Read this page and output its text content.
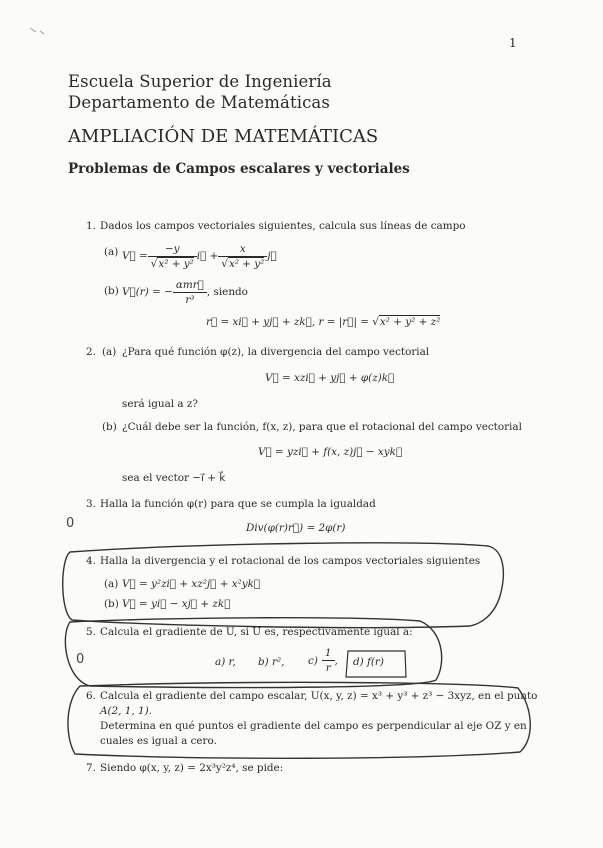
1
Escuela Superior de Ingeniería
Departamento de Matemáticas
AMPLIACIÓN DE MATEMÁTICAS
Problemas de Campos escalares y vectoriales
1. Dados los campos vectoriales siguientes, calcula sus líneas de campo
(a) V⃗ = $\frac{-y}{\text{√x² + y²}}$ i⃗ + $\frac{x}{\text{√x² + y²}}$ j⃗
(b) V⃗(r) = − $\frac{\text{αmr⃗}}{\text{r³}}$ , siendo
r⃗ = xi⃗ + yj⃗ + zk⃗, r = |r⃗| = √x² + y² + z²
2. (a) ¿Para qué función φ(z), la divergencia del campo vectorial
V⃗ = xzi⃗ + yj⃗ + φ(z)k⃗
será igual a z?
(b) ¿Cuál debe ser la función, f(x, z), para que el rotacional del campo vectorial
V⃗ = yzi⃗ + f(x, z)j⃗ − xyk⃗
sea el vector −i⃗ + k⃗
3. Halla la función φ(r) para que se cumpla la igualdad
0	Div(φ(r)r⃗) = 2φ(r)
4. Halla la divergencia y el rotacional de los campos vectoriales siguientes
(a) V⃗ = y²zi⃗ + xz²j⃗ + x²yk⃗
(b) V⃗ = yi⃗ − xj⃗ + zk⃗
5. Calcula el gradiente de U, si U es, respectivamente igual a:
0	a) r, b) r², $c) \frac{1}{r}$ , d) f(r)
6. Calcula el gradiente del campo escalar, U(x, y, z) = x³ + y³ + z³ − 3xyz, en el punto
A(2, 1, 1).
Determina en qué puntos el gradiente del campo es perpendicular al eje OZ y en
cuales es igual a cero.
7. Siendo φ(x, y, z) = 2x³y²z⁴, se pide:
